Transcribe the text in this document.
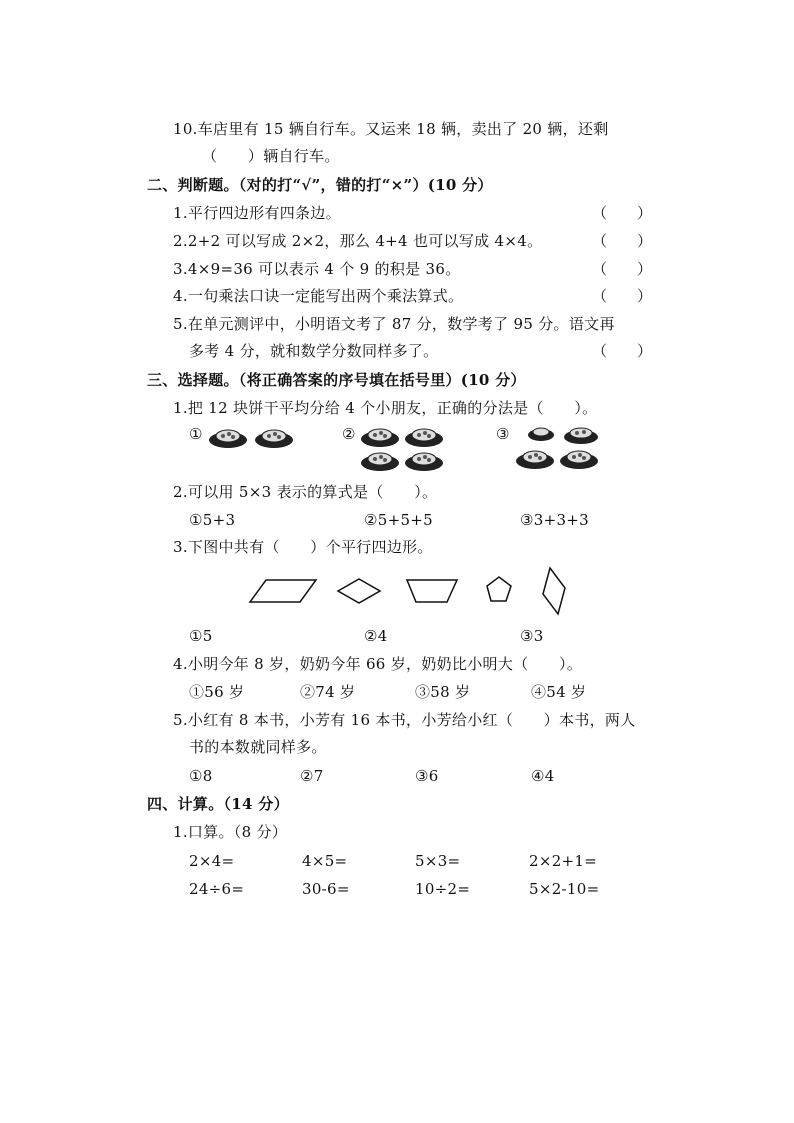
10.车店里有 15 辆自行车。又运来 18 辆，卖出了 20 辆，还剩
（　　）辆自行车。
二、判断题。（对的打“√”，错的打“×”）(10 分）
1.平行四边形有四条边。	（　　）
2.2+2 可以写成 2×2，那么 4+4 也可以写成 4×4。	（　　）
3.4×9=36 可以表示 4 个 9 的积是 36。	（　　）
4.一句乘法口诀一定能写出两个乘法算式。	（　　）
5.在单元测评中，小明语文考了 87 分，数学考了 95 分。语文再
多考 4 分，就和数学分数同样多了。	（　　）
三、选择题。（将正确答案的序号填在括号里）(10 分）
1.把 12 块饼干平均分给 4 个小朋友，正确的分法是（　　）。
①	②	③
2.可以用 5×3 表示的算式是（　　）。
①5+3	②5+5+5	③3+3+3
3.下图中共有（　　）个平行四边形。
①5	②4	③3
4.小明今年 8 岁，奶奶今年 66 岁，奶奶比小明大（　　）。
①56 岁	②74 岁	③58 岁	④54 岁
5.小红有 8 本书，小芳有 16 本书，小芳给小红（　　）本书，两人
书的本数就同样多。
①8	②7	③6	④4
四、计算。（14 分）
1.口算。（8 分）
2×4=	4×5=	5×3=	2×2+1=
24÷6=	30-6=	10÷2=	5×2-10=
